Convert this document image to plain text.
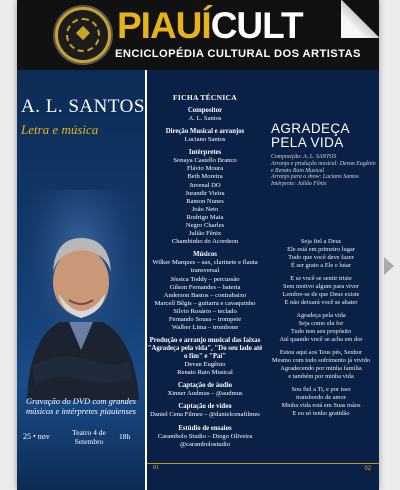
PIAUÍCULT
ENCICLOPÉDIA CULTURAL DOS ARTISTAS
A. L. SANTOS
Letra e música
Gravação do DVD com grandes músicos e intérpretes piauienses
25 • nov	Teatro 4 de Setembro
18h
FICHA TÉCNICA
Compositor
A. L. Santos
Direção Musical e arranjos
Luciano Santos
Intérpretes
Sonaya Castello Branco
Flávio Moura
Beth Moreira
Juvenal DO
Jurandir Vieira
Ramon Nunes
João Neto
Rodrigo Maia
Negro Charles
Julião Fênix
Chambinho do Acordeon
Músicos
Wilker Marques – sax, clarinete e flauta transversal
Jéssica Toddy – percussão
Gilson Fernandes – bateria
Anderson Bastos – contrabaixo
Marcell Bêgis – guitarra e cavaquinho
Silvio Rosário – teclado
Fernando Sousa – trompete
Walber Lima – trombone
Produção e arranjo musical das faixas "Agradeça pela vida", "Do seu lado até o fim" e "Pai"
Devan Eugênio
Renato Raio Musical
Captação de áudio
Xinner Audmus – @audmus
Captação de vídeo
Daniel Cena Filmes – @danielcenafilmes
Estúdio de ensaios
Carambolo Studio – Diogo Oliveira
@carambolostudio
01
AGRADEÇA PELA VIDA
Composição: A. L. SANTOS
Arranjo e produção musical: Devan Eugênio
e Renato Raio Musical
Arranjo para o show: Luciano Santos
Intérprete: Julião Fênix
Seja fiel a Deus
Ele está em primeiro lugar
Tudo que você deve fazer
É ser grato a Ele e lutar
E se você se sentir triste
Sem motivo algum para viver
Lembre-se de que Deus existe
E não deixará você se abater
Agradeça pela vida
Seja como ela for
Tudo tem seu propósito
Até quando você se acha em dor
Estou aqui aos Teus pés, Senhor
Mesmo com todo sofrimento já vivido
Agradecendo por minha família
e também por minha vida
Sou fiel a Ti, e por isso
transbordo de amor
Minha vida está em Suas mãos
E eu só tenho gratidão
02
